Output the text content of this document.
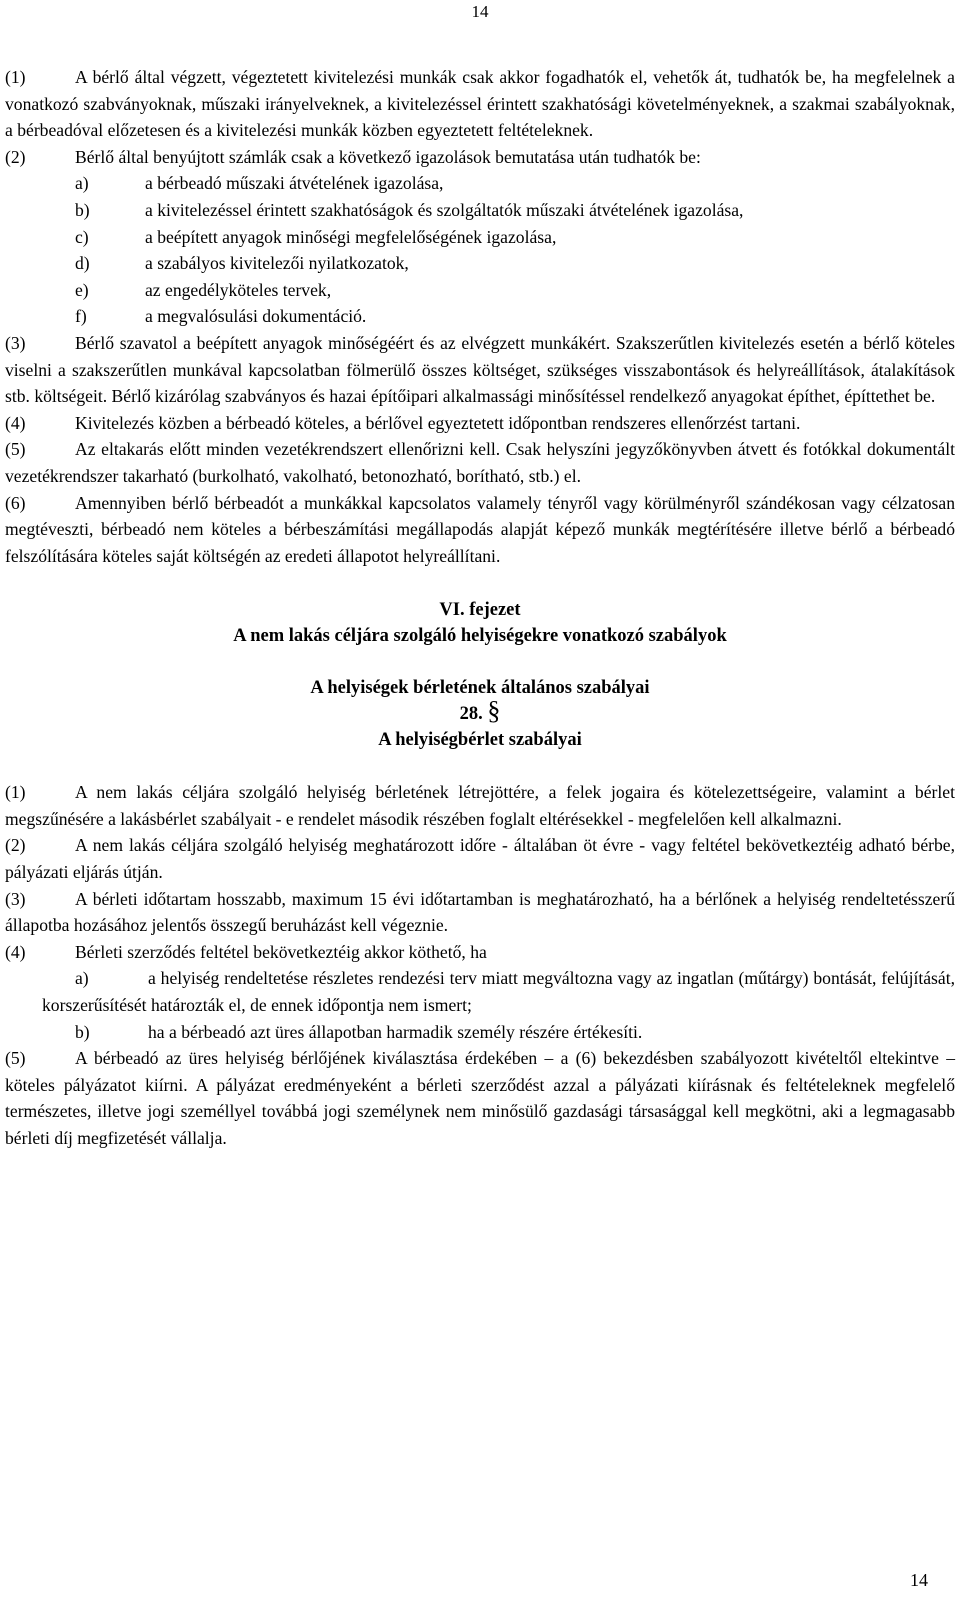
14

(1)	A bérlő által végzett, végeztetett kivitelezési munkák csak akkor fogadhatók el, vehetők át, tudhatók be, ha megfelelnek a vonatkozó szabványoknak, műszaki irányelveknek, a kivitelezéssel érintett szakhatósági követelményeknek, a szakmai szabályoknak, a bérbeadóval előzetesen és a kivitelezési munkák közben egyeztetett feltételeknek.

(2)	Bérlő által benyújtott számlák csak a következő igazolások bemutatása után tudhatók be:

a)	a bérbeadó műszaki átvételének igazolása,

b)	a kivitelezéssel érintett szakhatóságok és szolgáltatók műszaki átvételének igazolása,

c)	a beépített anyagok minőségi megfelelőségének igazolása,

d)	a szabályos kivitelezői nyilatkozatok,

e)	az engedélyköteles tervek,

f)	a megvalósulási dokumentáció.

(3)	Bérlő szavatol a beépített anyagok minőségéért és az elvégzett munkákért. Szakszerűtlen kivitelezés esetén a bérlő köteles viselni a szakszerűtlen munkával kapcsolatban fölmerülő összes költséget, szükséges visszabontások és helyreállítások, átalakítások stb. költségeit. Bérlő kizárólag szabványos és hazai építőipari alkalmassági minősítéssel rendelkező anyagokat építhet, építtethet be.

(4)	Kivitelezés közben a bérbeadó köteles, a bérlővel egyeztetett időpontban rendszeres ellenőrzést tartani.

(5)	Az eltakarás előtt minden vezetékrendszert ellenőrizni kell. Csak helyszíni jegyzőkönyvben átvett és fotókkal dokumentált vezetékrendszer takarható (burkolható, vakolható, betonozható, borítható, stb.) el.

(6)	Amennyiben bérlő bérbeadót a munkákkal kapcsolatos valamely tényről vagy körülményről szándékosan vagy célzatosan megtéveszti, bérbeadó nem köteles a bérbeszámítási megállapodás alapját képező munkák megtérítésére illetve bérlő a bérbeadó felszólítására köteles saját költségén az eredeti állapotot helyreállítani.

VI. fejezet

A nem lakás céljára szolgáló helyiségekre vonatkozó szabályok

A helyiségek bérletének általános szabályai

28. §

A helyiségbérlet szabályai

(1)	A nem lakás céljára szolgáló helyiség bérletének létrejöttére, a felek jogaira és kötelezettségeire, valamint a bérlet megszűnésére a lakásbérlet szabályait - e rendelet második részében foglalt eltérésekkel - megfelelően kell alkalmazni.

(2)	A nem lakás céljára szolgáló helyiség meghatározott időre - általában öt évre - vagy feltétel bekövetkeztéig adható bérbe, pályázati eljárás útján.

(3)	A bérleti időtartam hosszabb, maximum 15 évi időtartamban is meghatározható, ha a bérlőnek a helyiség rendeltetésszerű állapotba hozásához jelentős összegű beruházást kell végeznie.

(4)	Bérleti szerződés feltétel bekövetkeztéig akkor köthető, ha

a)	a helyiség rendeltetése részletes rendezési terv miatt megváltozna vagy az ingatlan (műtárgy) bontását, felújítását, korszerűsítését határozták el, de ennek időpontja nem ismert;

b)	ha a bérbeadó azt üres állapotban harmadik személy részére értékesíti.

(5)	A bérbeadó az üres helyiség bérlőjének kiválasztása érdekében – a (6) bekezdésben szabályozott kivételtől eltekintve – köteles pályázatot kiírni. A pályázat eredményeként a bérleti szerződést azzal a pályázati kiírásnak és feltételeknek megfelelő természetes, illetve jogi személlyel továbbá jogi személynek nem minősülő gazdasági társasággal kell megkötni, aki a legmagasabb bérleti díj megfizetését vállalja.

14
